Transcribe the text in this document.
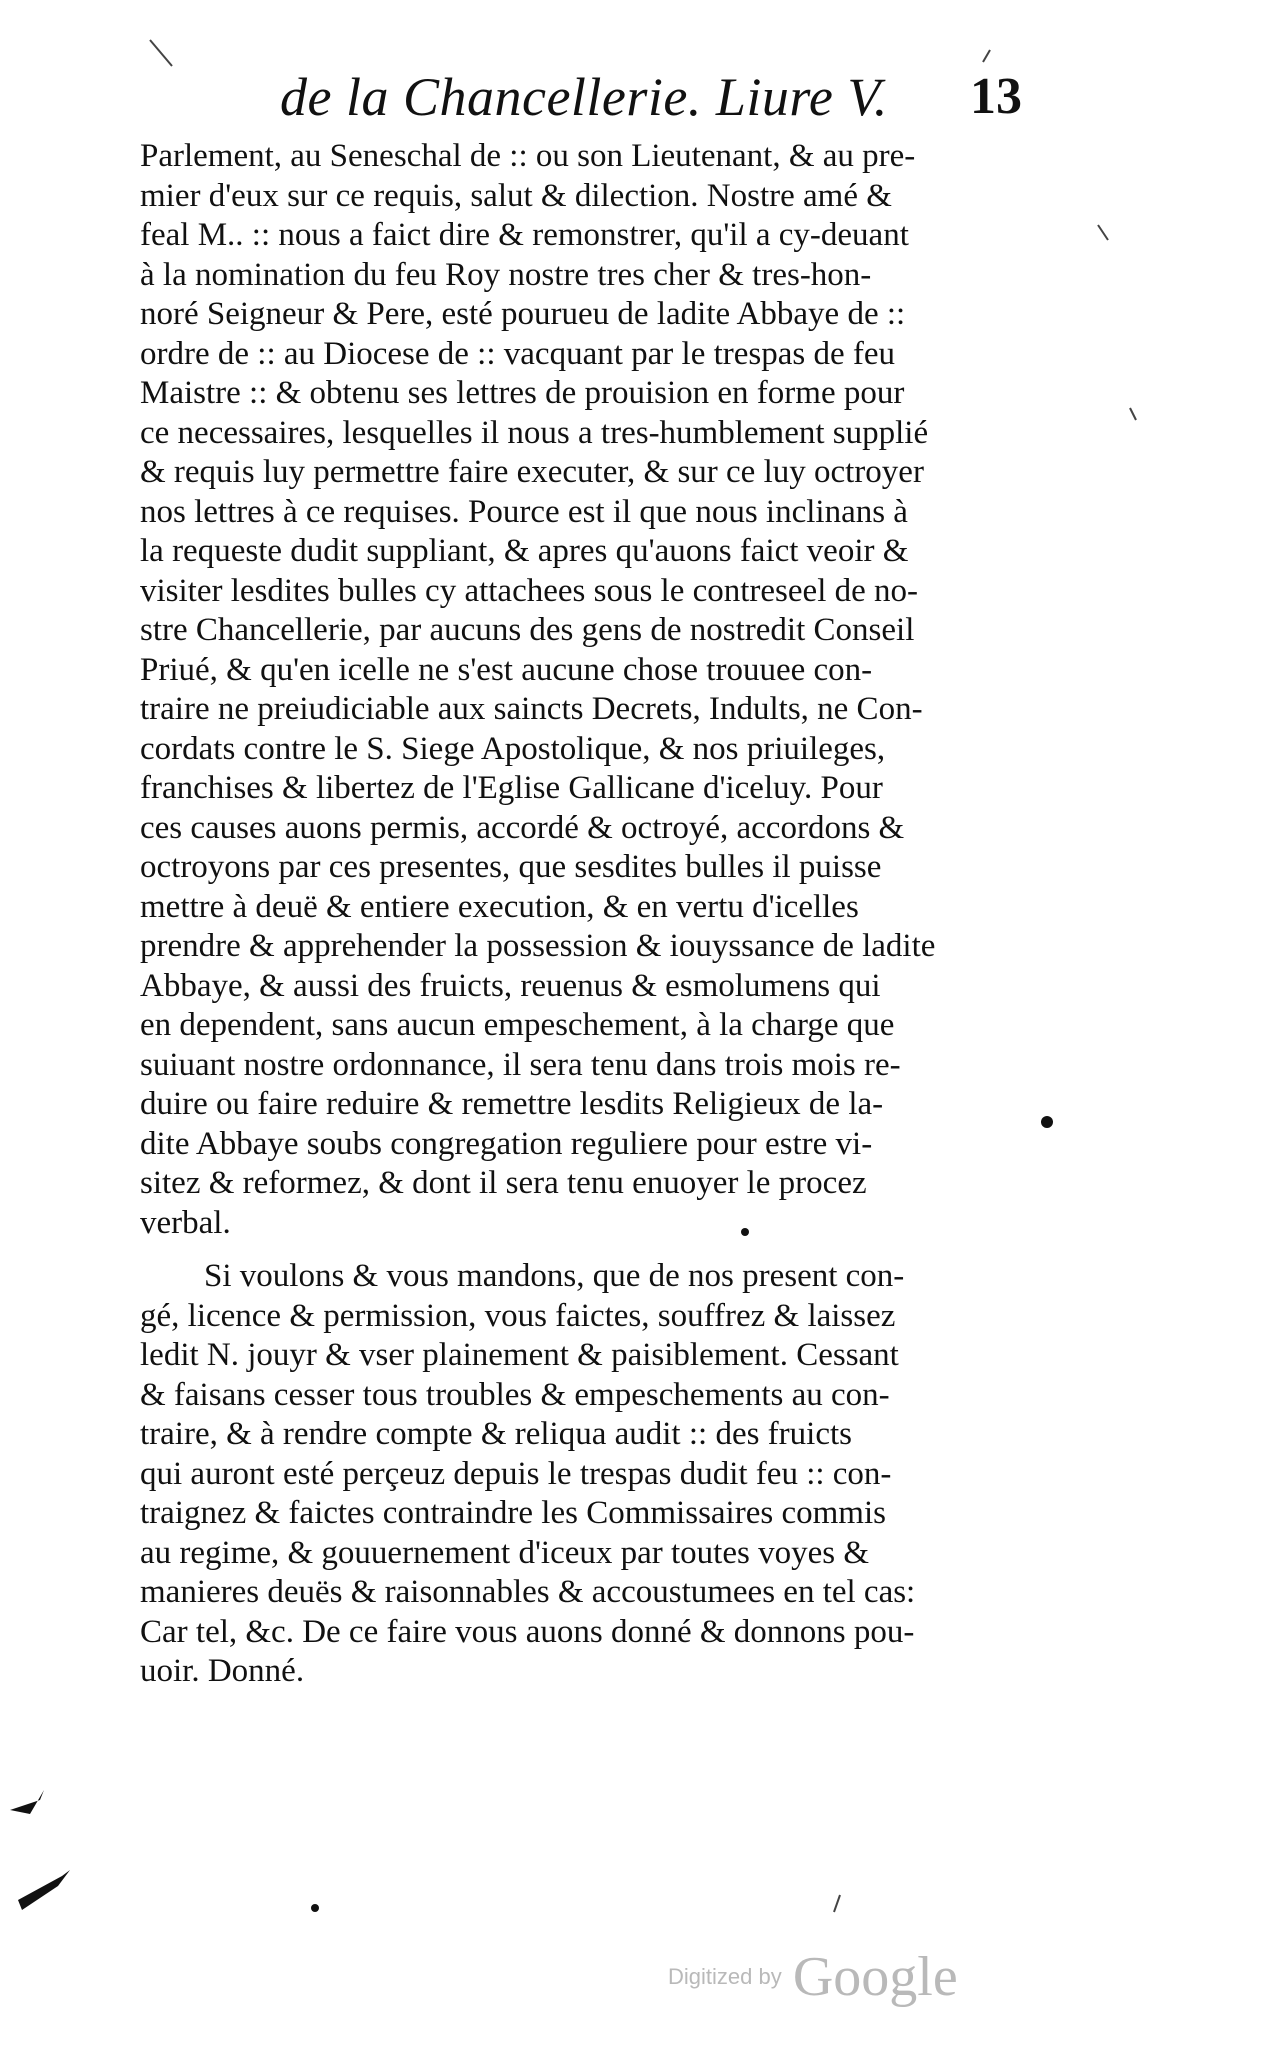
de la Chancellerie. Liure V. 13
Parlement, au Seneschal de :: ou son Lieutenant, & au pre-
mier d'eux sur ce requis, salut & dilection. Nostre amé &
feal M.. :: nous a faict dire & remonstrer, qu'il a cy-deuant
à la nomination du feu Roy nostre tres cher & tres-hon-
noré Seigneur & Pere, esté pourueu de ladite Abbaye de ::
ordre de :: au Diocese de :: vacquant par le trespas de feu
Maistre :: & obtenu ses lettres de prouision en forme pour
ce necessaires, lesquelles il nous a tres-humblement supplié
& requis luy permettre faire executer, & sur ce luy octroyer
nos lettres à ce requises. Pource est il que nous inclinans à
la requeste dudit suppliant, & apres qu'auons faict veoir &
visiter lesdites bulles cy attachees sous le contreseel de no-
stre Chancellerie, par aucuns des gens de nostredit Conseil
Priué, & qu'en icelle ne s'est aucune chose trouuee con-
traire ne preiudiciable aux saincts Decrets, Indults, ne Con-
cordats contre le S. Siege Apostolique, & nos priuileges,
franchises & libertez de l'Eglise Gallicane d'iceluy. Pour
ces causes auons permis, accordé & octroyé, accordons &
octroyons par ces presentes, que sesdites bulles il puisse
mettre à deuë & entiere execution, & en vertu d'icelles
prendre & apprehender la possession & iouyssance de ladite
Abbaye, & aussi des fruicts, reuenus & esmolumens qui
en dependent, sans aucun empeschement, à la charge que
suiuant nostre ordonnance, il sera tenu dans trois mois re-
duire ou faire reduire & remettre lesdits Religieux de la-
dite Abbaye soubs congregation reguliere pour estre vi-
sitez & reformez, & dont il sera tenu enuoyer le procez
verbal.
Si voulons & vous mandons, que de nos present con-
gé, licence & permission, vous faictes, souffrez & laissez
ledit N. jouyr & vser plainement & paisiblement. Cessant
& faisans cesser tous troubles & empeschements au con-
traire, & à rendre compte & reliqua audit :: des fruicts
qui auront esté perçeuz depuis le trespas dudit feu :: con-
traignez & faictes contraindre les Commissaires commis
au regime, & gouuernement d'iceux par toutes voyes &
manieres deuës & raisonnables & accoustumees en tel cas:
Car tel, &c. De ce faire vous auons donné & donnons pou-
uoir. Donné.
Digitized by Google
